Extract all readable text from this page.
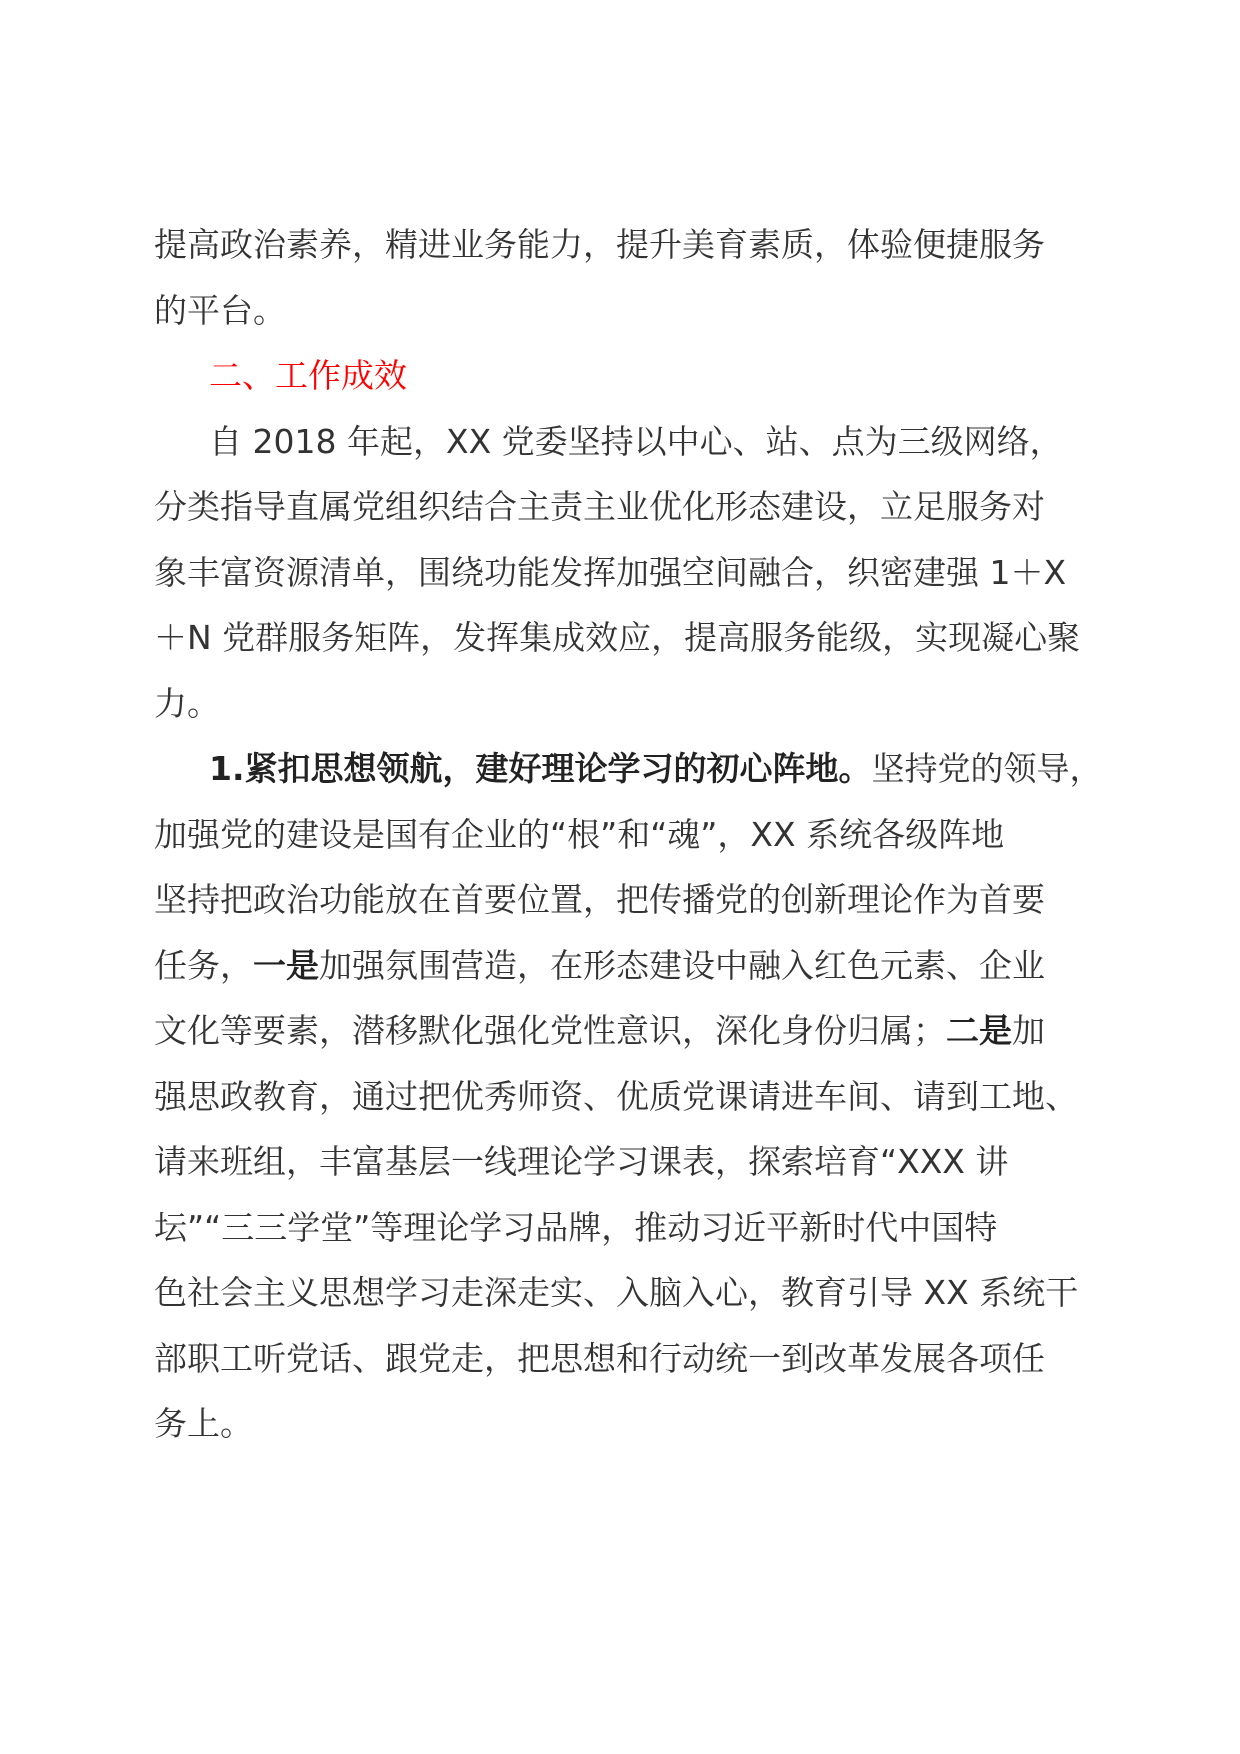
提高政治素养，精进业务能力，提升美育素质，体验便捷服务
的平台。
二、工作成效
自 2018 年起，XX 党委坚持以中心、站、点为三级网络，
分类指导直属党组织结合主责主业优化形态建设，立足服务对
象丰富资源清单，围绕功能发挥加强空间融合，织密建强 1＋X
＋N 党群服务矩阵，发挥集成效应，提高服务能级，实现凝心聚
力。
1.紧扣思想领航，建好理论学习的初心阵地。坚持党的领导，
加强党的建设是国有企业的“根”和“魂”，XX 系统各级阵地
坚持把政治功能放在首要位置，把传播党的创新理论作为首要
任务，一是加强氛围营造，在形态建设中融入红色元素、企业
文化等要素，潜移默化强化党性意识，深化身份归属；二是加
强思政教育，通过把优秀师资、优质党课请进车间、请到工地、
请来班组，丰富基层一线理论学习课表，探索培育“XXX 讲
坛”“三三学堂”等理论学习品牌，推动习近平新时代中国特
色社会主义思想学习走深走实、入脑入心，教育引导 XX 系统干
部职工听党话、跟党走，把思想和行动统一到改革发展各项任
务上。
